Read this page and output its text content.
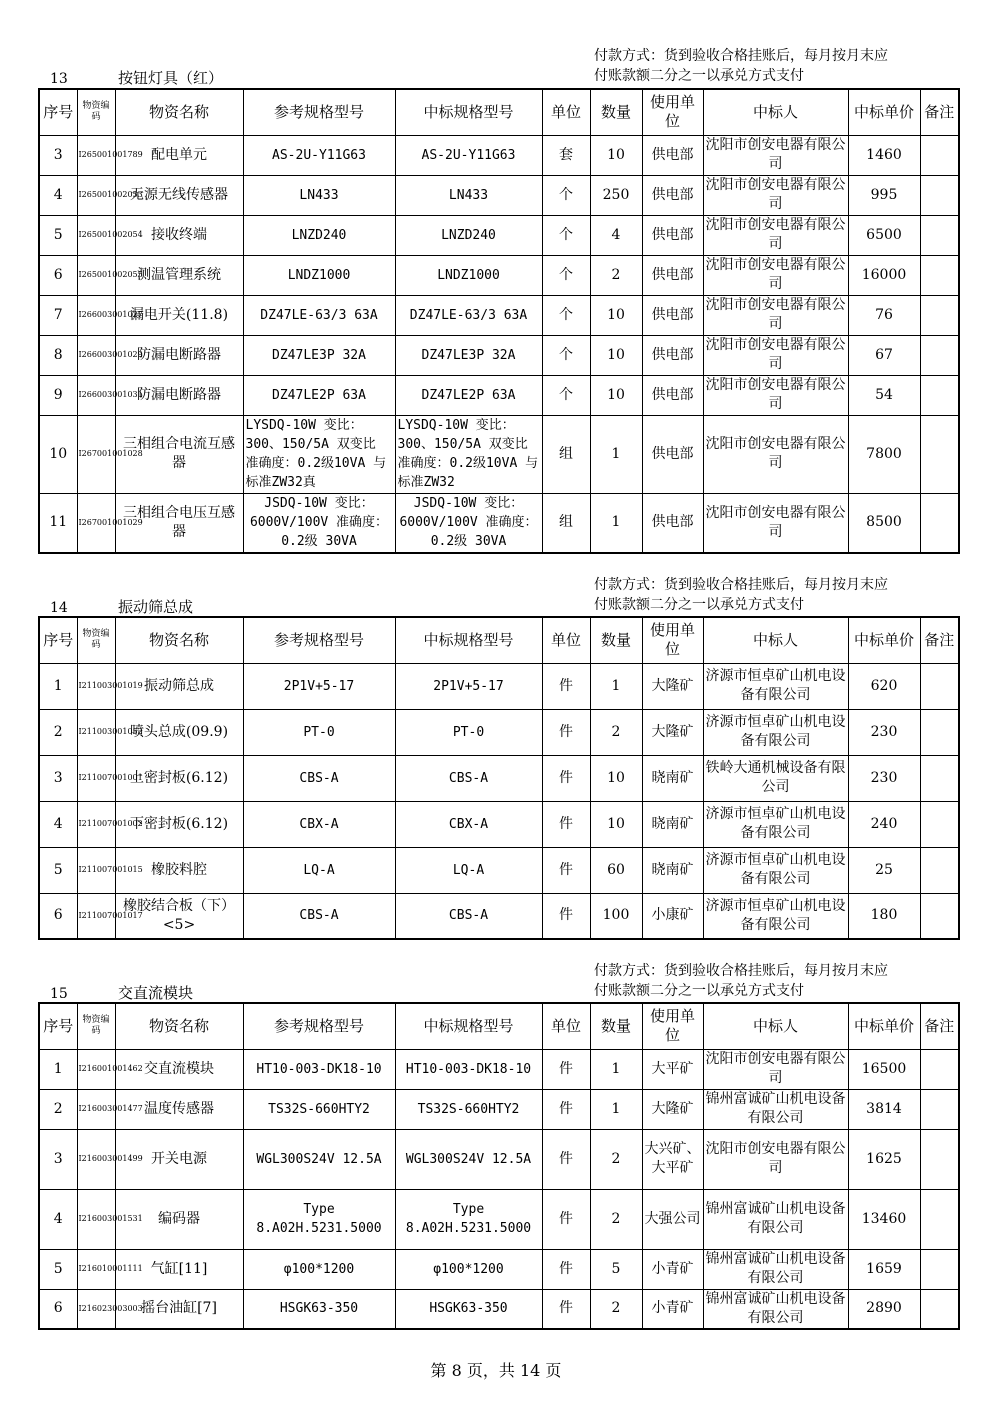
付款方式：货到验收合格挂账后，每月按月末应
付账款额二分之一以承兑方式支付
13	按钮灯具（红）
序号	物资编码	物资名称	参考规格型号	中标规格型号	单位	数量	使用单位	中标人	中标单价	备注
3	I265001001789	配电单元	AS-2U-Y11G63	AS-2U-Y11G63	套	10	供电部	沈阳市创安电器有限公司	1460	
4	I265001002053	无源无线传感器	LN433	LN433	个	250	供电部	沈阳市创安电器有限公司	995	
5	I265001002054	接收终端	LNZD240	LNZD240	个	4	供电部	沈阳市创安电器有限公司	6500	
6	I265001002055	测温管理系统	LNDZ1000	LNDZ1000	个	2	供电部	沈阳市创安电器有限公司	16000	
7	I266003001027	漏电开关(11.8)	DZ47LE-63/3 63A	DZ47LE-63/3 63A	个	10	供电部	沈阳市创安电器有限公司	76	
8	I266003001029	防漏电断路器	DZ47LE3P 32A	DZ47LE3P 32A	个	10	供电部	沈阳市创安电器有限公司	67	
9	I266003001031	防漏电断路器	DZ47LE2P 63A	DZ47LE2P 63A	个	10	供电部	沈阳市创安电器有限公司	54	
10	I267001001028	三相组合电流互感器	LYSDQ-10W 变比：300、150/5A 双变比 准确度：0.2级10VA 与标准ZW32真	LYSDQ-10W 变比：300、150/5A 双变比 准确度：0.2级10VA 与标准ZW32	组	1	供电部	沈阳市创安电器有限公司	7800	
11	I267001001029	三相组合电压互感器	JSDQ-10W 变比：6000V/100V 准确度：0.2级 30VA	JSDQ-10W 变比：6000V/100V 准确度：0.2级 30VA	组	1	供电部	沈阳市创安电器有限公司	8500	
付款方式：货到验收合格挂账后，每月按月末应
付账款额二分之一以承兑方式支付
14	振动筛总成
序号	物资编码	物资名称	参考规格型号	中标规格型号	单位	数量	使用单位	中标人	中标单价	备注
1	I211003001019	振动筛总成	2P1V+5-17	2P1V+5-17	件	1	大隆矿	济源市恒卓矿山机电设备有限公司	620	
2	I211003001052	喷头总成(09.9)	PT-0	PT-0	件	2	大隆矿	济源市恒卓矿山机电设备有限公司	230	
3	I211007001001	上密封板(6.12)	CBS-A	CBS-A	件	10	晓南矿	铁岭大通机械设备有限公司	230	
4	I211007001002	下密封板(6.12)	CBX-A	CBX-A	件	10	晓南矿	济源市恒卓矿山机电设备有限公司	240	
5	I211007001015	橡胶料腔	LQ-A	LQ-A	件	60	晓南矿	济源市恒卓矿山机电设备有限公司	25	
6	I211007001017	橡胶结合板（下）<5>	CBS-A	CBS-A	件	100	小康矿	济源市恒卓矿山机电设备有限公司	180	
付款方式：货到验收合格挂账后，每月按月末应
付账款额二分之一以承兑方式支付
15	交直流模块
序号	物资编码	物资名称	参考规格型号	中标规格型号	单位	数量	使用单位	中标人	中标单价	备注
1	I216001001462	交直流模块	HT10-003-DK18-10	HT10-003-DK18-10	件	1	大平矿	沈阳市创安电器有限公司	16500	
2	I216003001477	温度传感器	TS32S-660HTY2	TS32S-660HTY2	件	1	大隆矿	锦州富诚矿山机电设备有限公司	3814	
3	I216003001499	开关电源	WGL300S24V 12.5A	WGL300S24V 12.5A	件	2	大兴矿、大平矿	沈阳市创安电器有限公司	1625	
4	I216003001531	编码器	Type 8.A02H.5231.5000	Type 8.A02H.5231.5000	件	2	大强公司	锦州富诚矿山机电设备有限公司	13460	
5	I216010001111	气缸[11]	φ100*1200	φ100*1200	件	5	小青矿	锦州富诚矿山机电设备有限公司	1659	
6	I216023003003	摇台油缸[7]	HSGK63-350	HSGK63-350	件	2	小青矿	锦州富诚矿山机电设备有限公司	2890	
第 8 页，共 14 页
